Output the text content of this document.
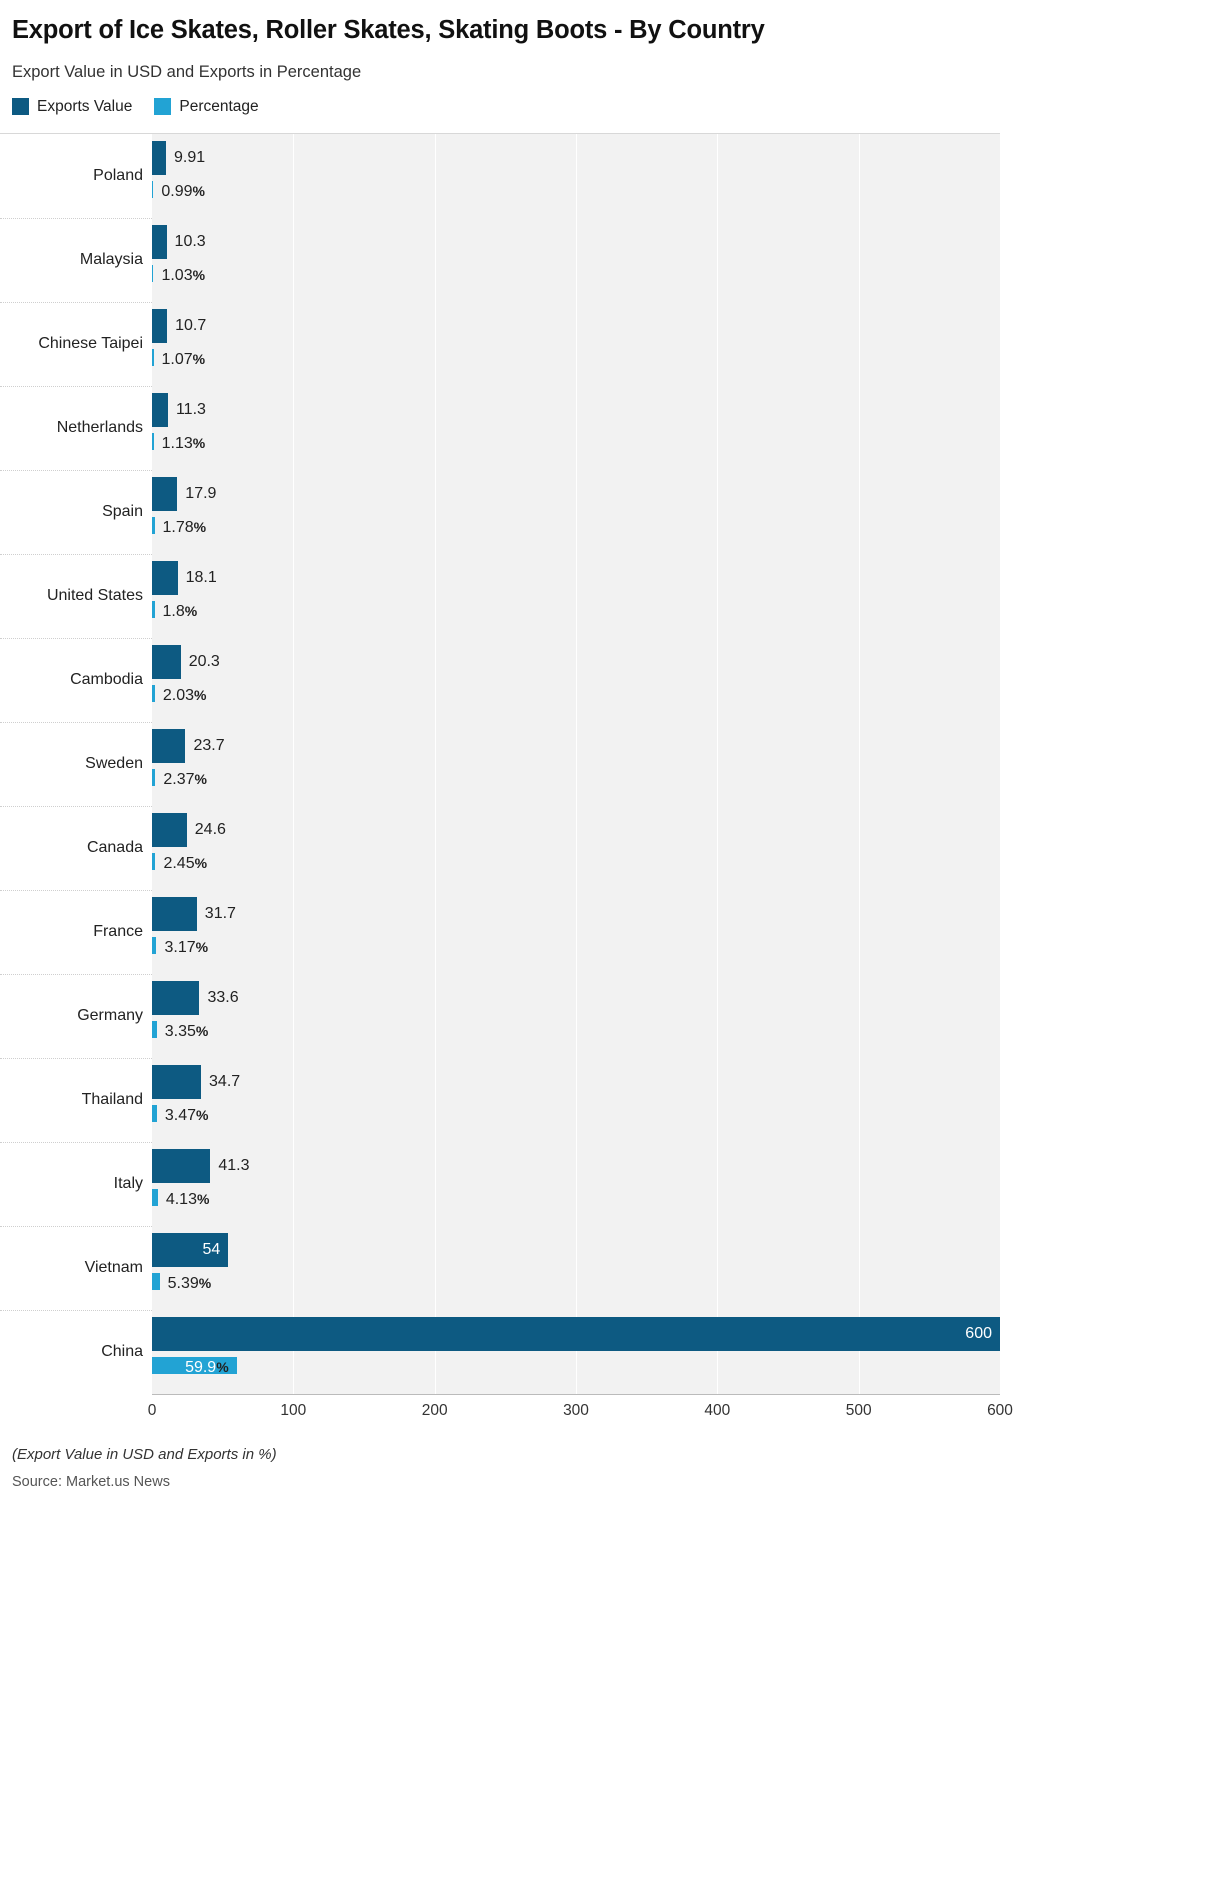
Export of Ice Skates, Roller Skates, Skating Boots - By Country
Export Value in USD and Exports in Percentage
Exports Value	Percentage
Poland
9.91
0.99%
Malaysia
10.3
1.03%
Chinese Taipei
10.7
1.07%
Netherlands
11.3
1.13%
Spain
17.9
1.78%
United States
18.1
1.8%
Cambodia
20.3
2.03%
Sweden
23.7
2.37%
Canada
24.6
2.45%
France
31.7
3.17%
Germany
33.6
3.35%
Thailand
34.7
3.47%
Italy
41.3
4.13%
Vietnam
54
5.39%
China
600
59.9%
0	100	200	300	400	500	600
(Export Value in USD and Exports in %)
Source: Market.us News
